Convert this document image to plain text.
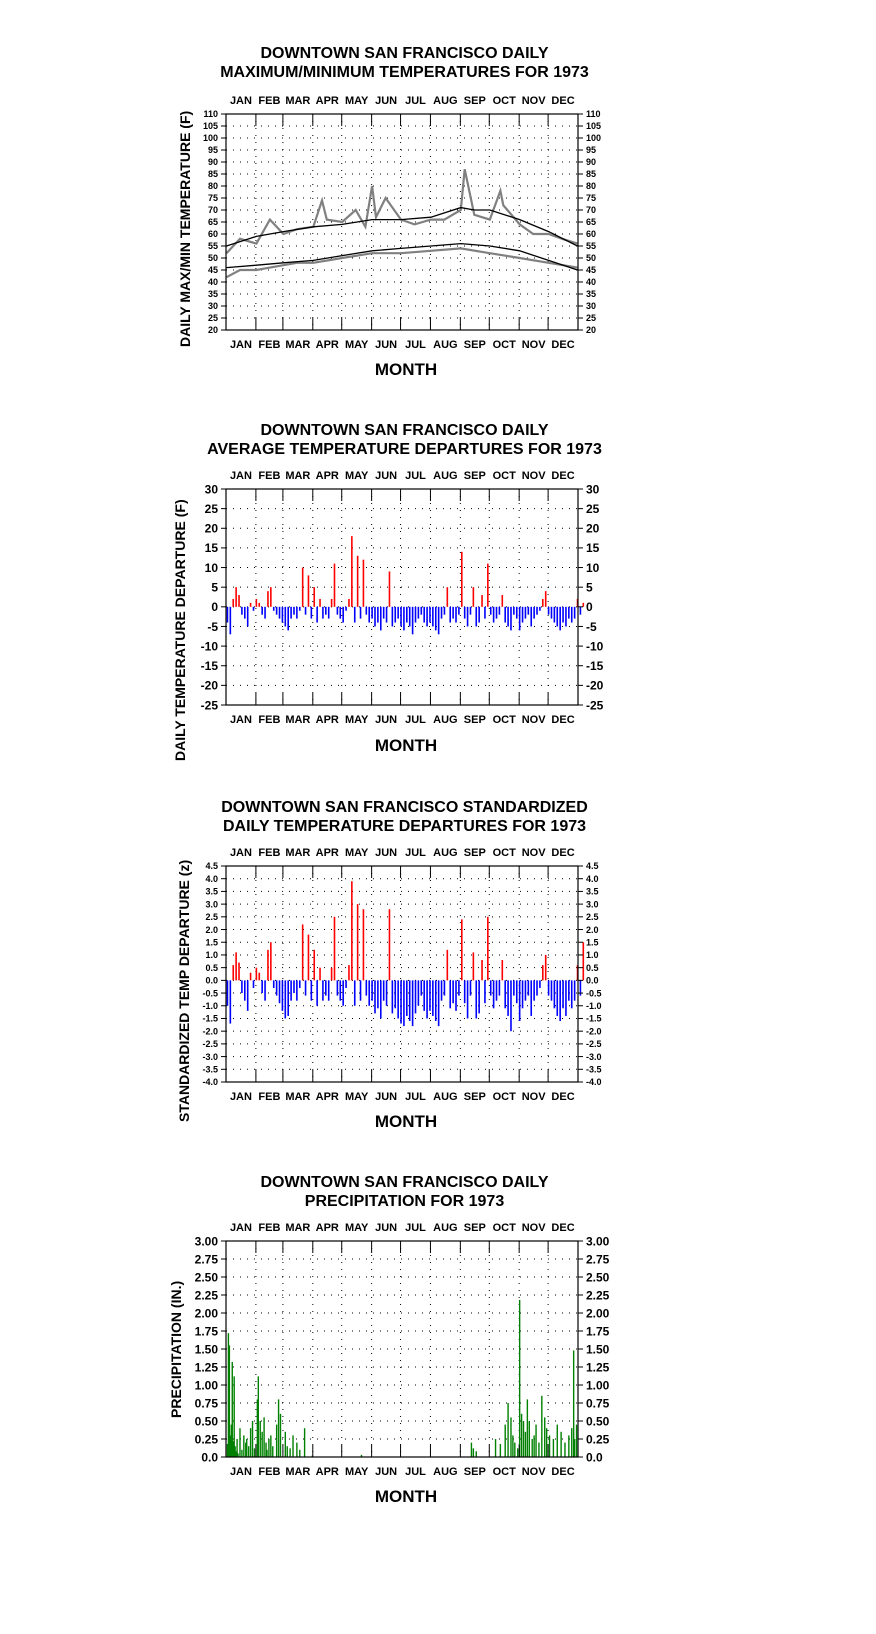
DOWNTOWN SAN FRANCISCO DAILY
MAXIMUM/MINIMUM TEMPERATURES FOR 1973
DAILY MAX/MIN TEMPERATURE (F) 20	20
25	25
30	30
35	35
40	40
45	45
50	50
55	55
60	60
65	65
70	70
75	75
80	80
85	85
90	90
95	95
100	100
105	105
110	110
JAN
JAN
FEB
FEB
MAR
MAR
APR
APR
MAY
MAY
JUN
JUN
JUL
JUL
AUG
AUG
SEP
SEP
OCT
OCT
NOV
NOV
DEC
DEC
MONTH
DOWNTOWN SAN FRANCISCO DAILY
AVERAGE TEMPERATURE DEPARTURES FOR 1973
DAILY TEMPERATURE DEPARTURE (F) -25	-25
-20	-20
-15	-15
-10	-10
-5	-5
0	0
5	5
10	10
15	15
20	20
25	25
30	30
JAN
JAN
FEB
FEB
MAR
MAR
APR
APR
MAY
MAY
JUN
JUN
JUL
JUL
AUG
AUG
SEP
SEP
OCT
OCT
NOV
NOV
DEC
DEC
MONTH
DOWNTOWN SAN FRANCISCO STANDARDIZED
DAILY TEMPERATURE DEPARTURES FOR 1973
STANDARDIZED TEMP DEPARTURE (z) -4.0	-4.0
-3.5	-3.5
-3.0	-3.0
-2.5	-2.5
-2.0	-2.0
-1.5	-1.5
-1.0	-1.0
-0.5	-0.5
0.0	0.0
0.5	0.5
1.0	1.0
1.5	1.5
2.0	2.0
2.5	2.5
3.0	3.0
3.5	3.5
4.0	4.0
4.5	4.5
JAN
JAN
FEB
FEB
MAR
MAR
APR
APR
MAY
MAY
JUN
JUN
JUL
JUL
AUG
AUG
SEP
SEP
OCT
OCT
NOV
NOV
DEC
DEC
MONTH
DOWNTOWN SAN FRANCISCO DAILY
PRECIPITATION FOR 1973
PRECIPITATION (IN.)
0.0	0.0
0.25	0.25
0.50	0.50
0.75	0.75
1.00	1.00
1.25	1.25
1.50	1.50
1.75	1.75
2.00	2.00
2.25	2.25
2.50	2.50
2.75	2.75
3.00	3.00
JAN
JAN
FEB
FEB
MAR
MAR
APR
APR
MAY
MAY
JUN
JUN
JUL
JUL
AUG
AUG
SEP
SEP
OCT
OCT
NOV
NOV
DEC
DEC
MONTH
